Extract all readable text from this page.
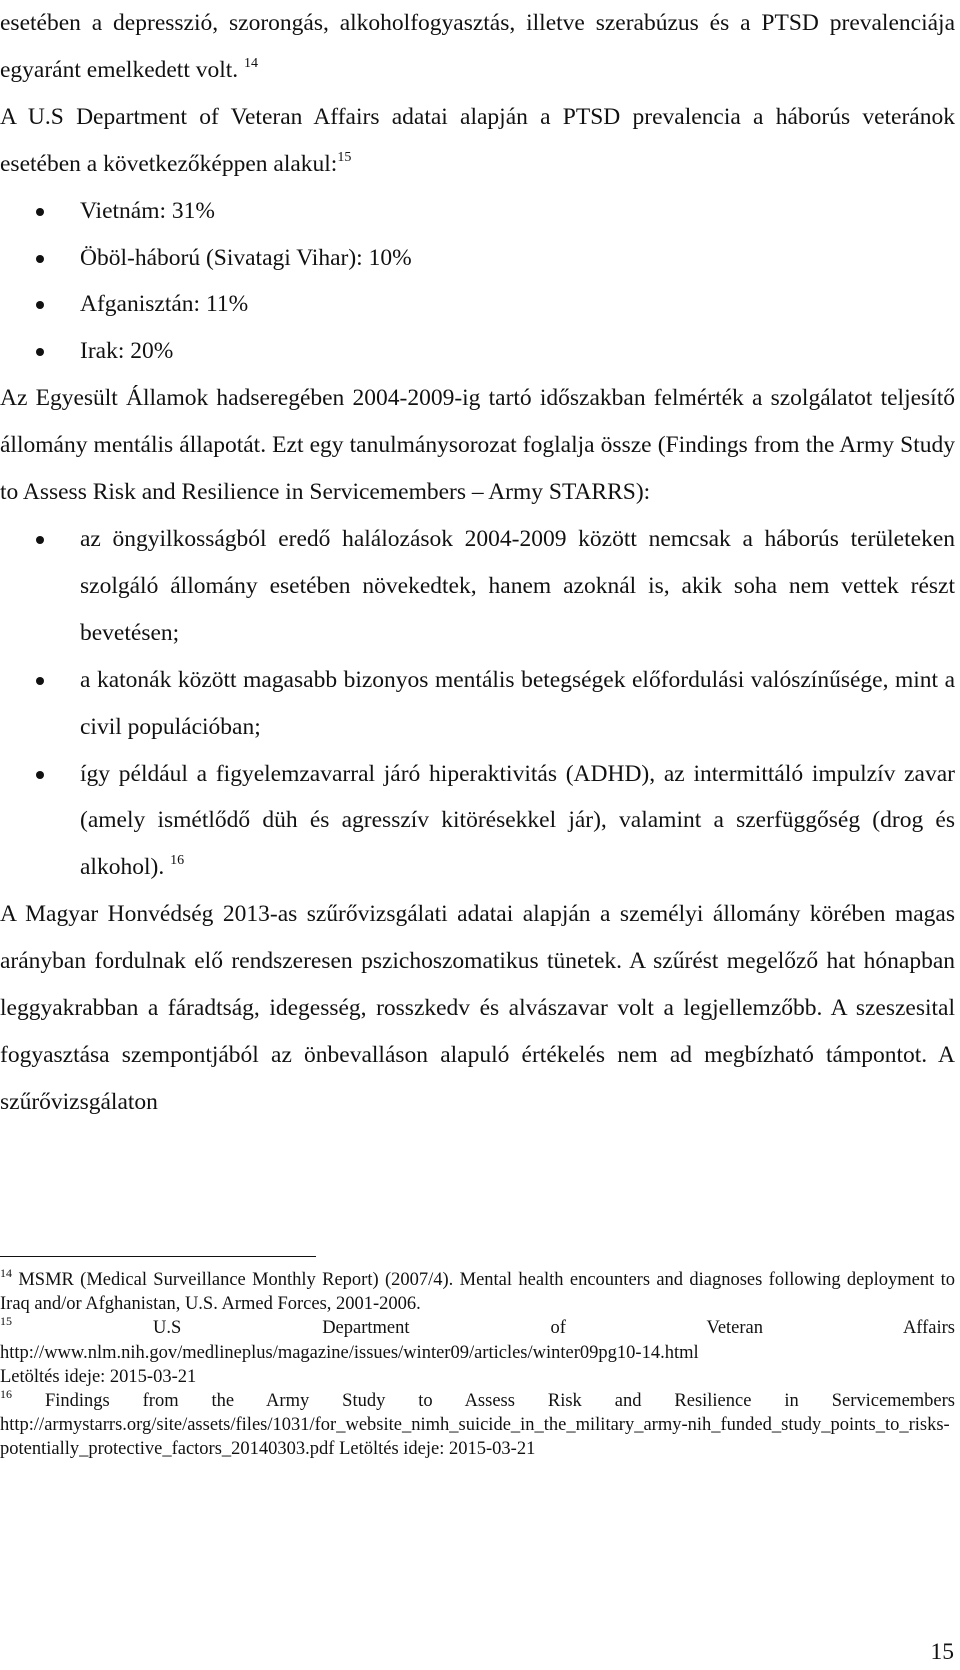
esetében a depresszió, szorongás, alkoholfogyasztás, illetve szerabúzus és a PTSD prevalenciája egyaránt emelkedett volt. $^{14}$

A U.S Department of Veteran Affairs adatai alapján a PTSD prevalencia a háborús veteránok esetében a következőképpen alakul:$^{15}$

Vietnám: 31%
Öböl-háború (Sivatagi Vihar): 10%
Afganisztán: 11%
Irak: 20%

Az Egyesült Államok hadseregében 2004-2009-ig tartó időszakban felmérték a szolgálatot teljesítő állomány mentális állapotát. Ezt egy tanulmánysorozat foglalja össze (Findings from the Army Study to Assess Risk and Resilience in Servicemembers – Army STARRS):

az öngyilkosságból eredő halálozások 2004-2009 között nemcsak a háborús területeken szolgáló állomány esetében növekedtek, hanem azoknál is, akik soha nem vettek részt bevetésen;
a katonák között magasabb bizonyos mentális betegségek előfordulási valószínűsége, mint a civil populációban;
így például a figyelemzavarral járó hiperaktivitás (ADHD), az intermittáló impulzív zavar (amely ismétlődő düh és agresszív kitörésekkel jár), valamint a szerfüggőség (drog és alkohol). $^{16}$

A Magyar Honvédség 2013-as szűrővizsgálati adatai alapján a személyi állomány körében magas arányban fordulnak elő rendszeresen pszichoszomatikus tünetek. A szűrést megelőző hat hónapban leggyakrabban a fáradtság, idegesség, rosszkedv és alvászavar volt a legjellemzőbb. A szeszesital fogyasztása szempontjából az önbevalláson alapuló értékelés nem ad megbízható támpontot. A szűrővizsgálaton

$^{14}$ MSMR (Medical Surveillance Monthly Report) (2007/4). Mental health encounters and diagnoses following deployment to Iraq and/or Afghanistan, U.S. Armed Forces, 2001-2006.

$^{15}$	U.S Department of Veteran Affairs

http://www.nlm.nih.gov/medlineplus/magazine/issues/winter09/articles/winter09pg10-14.html

Letöltés ideje: 2015-03-21

$^{16}$ Findings from the Army Study to Assess Risk and Resilience in Servicemembers

http://armystarrs.org/site/assets/files/1031/for_website_nimh_suicide_in_the_military_army-nih_funded_study_points_to_risks-potentially_protective_factors_20140303.pdf Letöltés ideje: 2015-03-21

15
